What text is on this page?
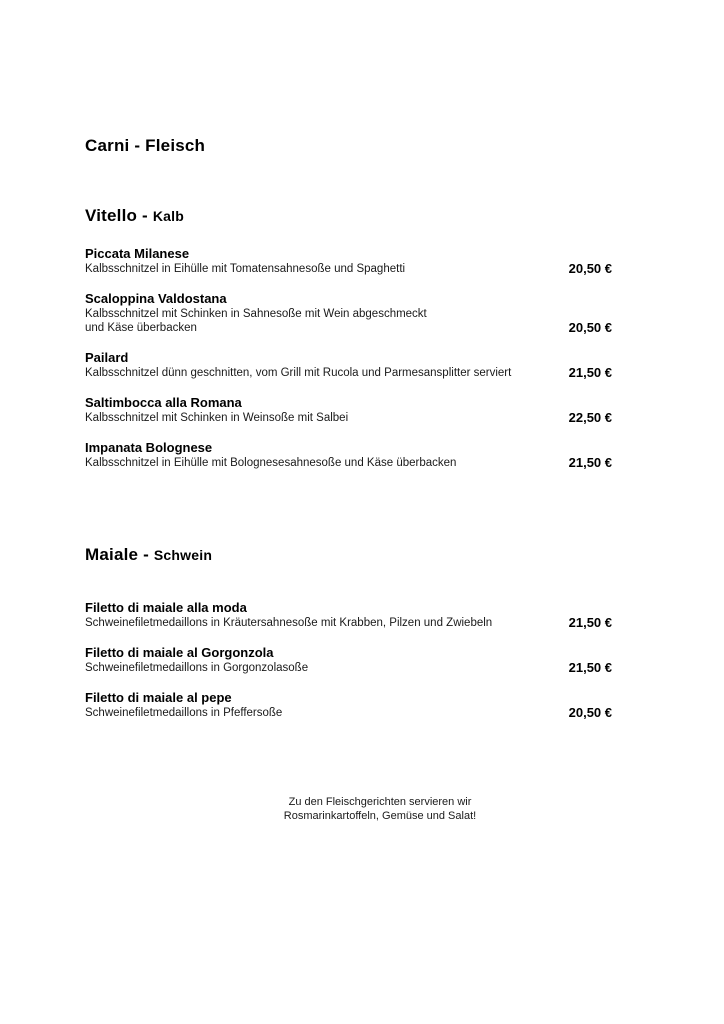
Carni - Fleisch
Vitello - Kalb
Piccata Milanese
Kalbsschnitzel in Eihülle mit Tomatensahnesoße und Spaghetti	20,50 €
Scaloppina Valdostana
Kalbsschnitzel mit Schinken in Sahnesoße mit Wein abgeschmeckt
und Käse überbacken	20,50 €
Pailard
Kalbsschnitzel dünn geschnitten, vom Grill mit Rucola und Parmesansplitter serviert	21,50 €
Saltimbocca alla Romana
Kalbsschnitzel mit Schinken in Weinsoße mit Salbei	22,50 €
Impanata Bolognese
Kalbsschnitzel in Eihülle mit Bolognesesahnesoße und Käse überbacken	21,50 €
Maiale - Schwein
Filetto di maiale alla moda
Schweinefiletmedaillons in Kräutersahnesoße mit Krabben, Pilzen und Zwiebeln	21,50 €
Filetto di maiale al Gorgonzola
Schweinefiletmedaillons in Gorgonzolasoße	21,50 €
Filetto di maiale al pepe
Schweinefiletmedaillons in Pfeffersoße	20,50 €
Zu den Fleischgerichten servieren wir
Rosmarinkartoffeln, Gemüse und Salat!
